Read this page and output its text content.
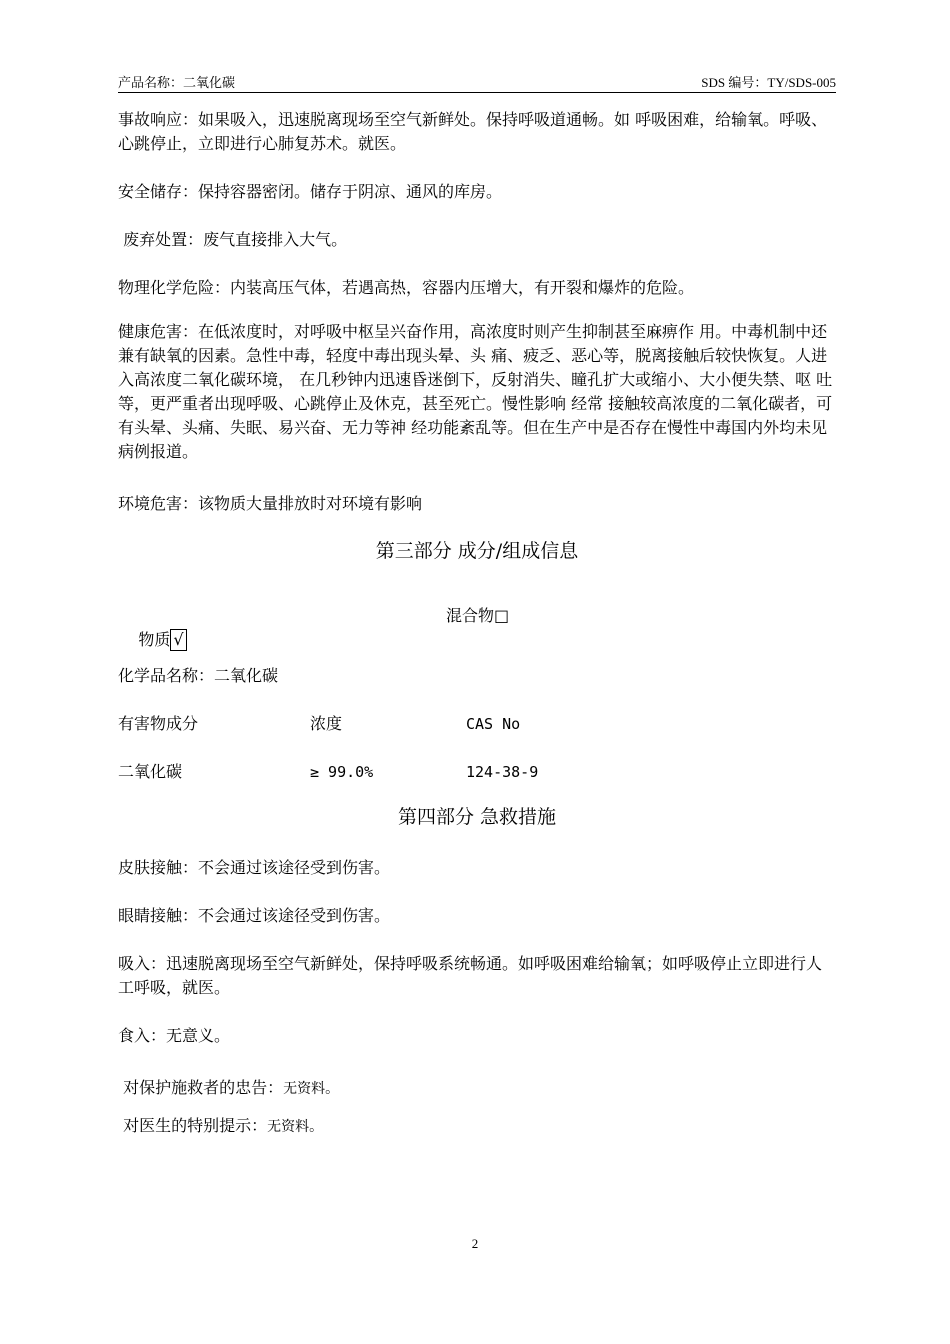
产品名称：二氧化碳	SDS 编号：TY/SDS-005
事故响应：如果吸入，迅速脱离现场至空气新鲜处。保持呼吸道通畅。如 呼吸困难，给输氧。呼吸、心跳停止，立即进行心肺复苏术。就医。
安全储存：保持容器密闭。储存于阴凉、通风的库房。
废弃处置：废气直接排入大气。
物理化学危险：内装高压气体，若遇高热，容器内压增大，有开裂和爆炸的危险。
健康危害：在低浓度时，对呼吸中枢呈兴奋作用，高浓度时则产生抑制甚至麻痹作 用。中毒机制中还兼有缺氧的因素。急性中毒，轻度中毒出现头晕、头 痛、疲乏、恶心等，脱离接触后较快恢复。人进入高浓度二氧化碳环境， 在几秒钟内迅速昏迷倒下，反射消失、瞳孔扩大或缩小、大小便失禁、呕 吐等，更严重者出现呼吸、心跳停止及休克，甚至死亡。慢性影响 经常 接触较高浓度的二氧化碳者，可有头晕、头痛、失眠、易兴奋、无力等神 经功能紊乱等。但在生产中是否存在慢性中毒国内外均未见病例报道。
环境危害：该物质大量排放时对环境有影响
第三部分 成分/组成信息

物质 √

混合物□
化学品名称：二氧化碳
有害物成分	浓度	CAS No
二氧化碳	≥ 99.0%	124-38-9
第四部分 急救措施
皮肤接触：不会通过该途径受到伤害。
眼睛接触：不会通过该途径受到伤害。
吸入：迅速脱离现场至空气新鲜处，保持呼吸系统畅通。如呼吸困难给输氧；如呼吸停止立即进行人工呼吸，就医。
食入：无意义。
对保护施救者的忠告：无资料。
对医生的特别提示：无资料。
2
